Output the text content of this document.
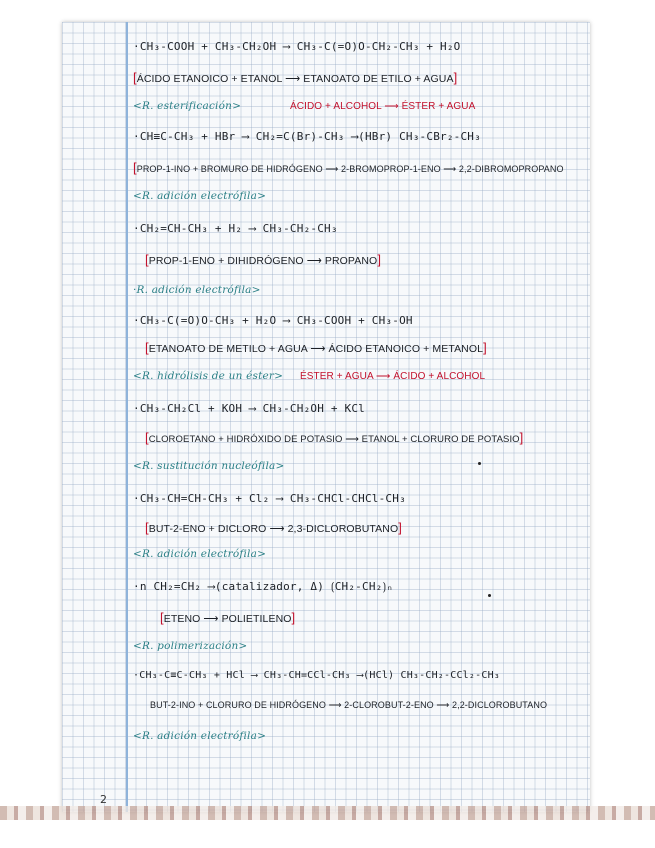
·CH₃-COOH + CH₃-CH₂OH ⟶ CH₃-C(=O)O-CH₂-CH₃ + H₂O
[ÁCIDO ETANOICO + ETANOL ⟶ ETANOATO DE ETILO + AGUA]
<R. esterificación>	ÁCIDO + ALCOHOL ⟶ ÉSTER + AGUA
·CH≡C-CH₃ + HBr ⟶ CH₂=C(Br)-CH₃ ⟶(HBr) CH₃-CBr₂-CH₃
[PROP-1-INO + BROMURO DE HIDRÓGENO ⟶ 2-BROMOPROP-1-ENO ⟶ 2,2-DIBROMOPROPANO
<R. adición electrófila>
·CH₂=CH-CH₃ + H₂ ⟶ CH₃-CH₂-CH₃
[PROP-1-ENO + DIHIDRÓGENO ⟶ PROPANO]
·R. adición electrófila>
·CH₃-C(=O)O-CH₃ + H₂O ⟶ CH₃-COOH + CH₃-OH
[ETANOATO DE METILO + AGUA ⟶ ÁCIDO ETANOICO + METANOL]
<R. hidrólisis de un éster> ÉSTER + AGUA ⟶ ÁCIDO + ALCOHOL
·CH₃-CH₂Cl + KOH ⟶ CH₃-CH₂OH + KCl
[CLOROETANO + HIDRÓXIDO DE POTASIO ⟶ ETANOL + CLORURO DE POTASIO]
<R. sustitución nucleófila>
·CH₃-CH=CH-CH₃ + Cl₂ ⟶ CH₃-CHCl-CHCl-CH₃
[BUT-2-ENO + DICLORO ⟶ 2,3-DICLOROBUTANO]
<R. adición electrófila>
·n CH₂=CH₂ ⟶(catalizador, Δ) ⟮CH₂-CH₂⟯ₙ
[ETENO ⟶ POLIETILENO]
<R. polimerización>
·CH₃-C≡C-CH₃ + HCl ⟶ CH₃-CH=CCl-CH₃ ⟶(HCl) CH₃-CH₂-CCl₂-CH₃
BUT-2-INO + CLORURO DE HIDRÓGENO ⟶ 2-CLOROBUT-2-ENO ⟶ 2,2-DICLOROBUTANO
<R. adición electrófila>
2
